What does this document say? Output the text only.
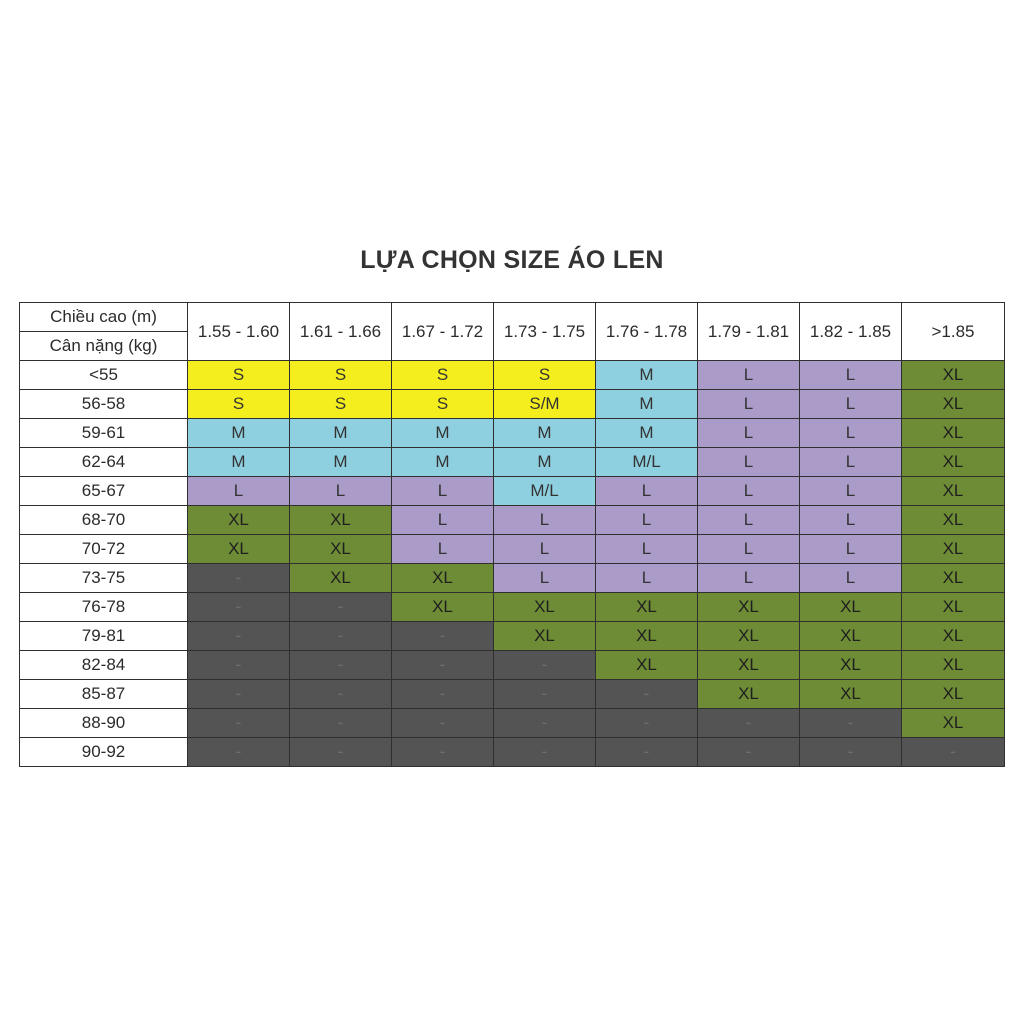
LỰA CHỌN SIZE ÁO LEN
Chiều cao (m)	1.55 - 1.60	1.61 - 1.66	1.67 - 1.72	1.73 - 1.75	1.76 - 1.78	1.79 - 1.81	1.82 - 1.85	>1.85
Cân nặng (kg)								
<55	S	S	S	S	M	L	L	XL
56-58	S	S	S	S/M	M	L	L	XL
59-61	M	M	M	M	M	L	L	XL
62-64	M	M	M	M	M/L	L	L	XL
65-67	L	L	L	M/L	L	L	L	XL
68-70	XL	XL	L	L	L	L	L	XL
70-72	XL	XL	L	L	L	L	L	XL
73-75	-	XL	XL	L	L	L	L	XL
76-78	-	-	XL	XL	XL	XL	XL	XL
79-81	-	-	-	XL	XL	XL	XL	XL
82-84	-	-	-	-	XL	XL	XL	XL
85-87	-	-	-	-	-	XL	XL	XL
88-90	-	-	-	-	-	-	-	XL
90-92	-	-	-	-	-	-	-	-
